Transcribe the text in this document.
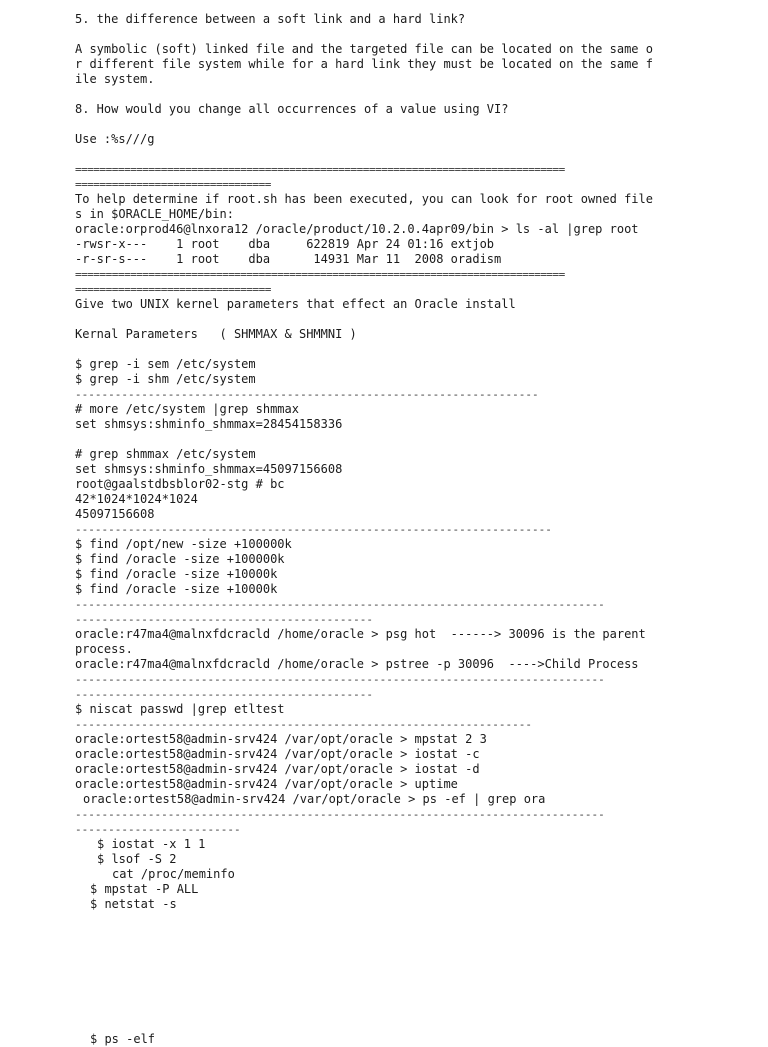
5. the difference between a soft link and a hard link?
A symbolic (soft) linked file and the targeted file can be located on the same o
r different file system while for a hard link they must be located on the same f
ile system.
8. How would you change all occurrences of a value using VI?
Use :%s///g
================================================================================
================================
To help determine if root.sh has been executed, you can look for root owned file
s in $ORACLE_HOME/bin:
oracle:orprod46@lnxora12 /oracle/product/10.2.0.4apr09/bin > ls -al |grep root
-rwsr-x---    1 root    dba     622819 Apr 24 01:16 extjob
-r-sr-s---    1 root    dba      14931 Mar 11  2008 oradism
================================================================================
================================
Give two UNIX kernel parameters that effect an Oracle install
Kernal Parameters   ( SHMMAX & SHMMNI )
$ grep -i sem /etc/system
$ grep -i shm /etc/system
----------------------------------------------------------------------
# more /etc/system |grep shmmax
set shmsys:shminfo_shmmax=28454158336
# grep shmmax /etc/system
set shmsys:shminfo_shmmax=45097156608
root@gaalstdbsblor02-stg # bc
42*1024*1024*1024
45097156608
------------------------------------------------------------------------
$ find /opt/new -size +100000k
$ find /oracle -size +100000k
$ find /oracle -size +10000k
$ find /oracle -size +10000k
--------------------------------------------------------------------------------
---------------------------------------------
oracle:r47ma4@malnxfdcracld /home/oracle > psg hot  ------> 30096 is the parent
process.
oracle:r47ma4@malnxfdcracld /home/oracle > pstree -p 30096  ---->Child Process
--------------------------------------------------------------------------------
---------------------------------------------
$ niscat passwd |grep etltest
---------------------------------------------------------------------
oracle:ortest58@admin-srv424 /var/opt/oracle > mpstat 2 3
oracle:ortest58@admin-srv424 /var/opt/oracle > iostat -c
oracle:ortest58@admin-srv424 /var/opt/oracle > iostat -d
oracle:ortest58@admin-srv424 /var/opt/oracle > uptime
oracle:ortest58@admin-srv424 /var/opt/oracle > ps -ef | grep ora
--------------------------------------------------------------------------------
-------------------------
$ iostat -x 1 1
$ lsof -S 2
cat /proc/meminfo
$ mpstat -P ALL
$ netstat -s
$ ps -elf
